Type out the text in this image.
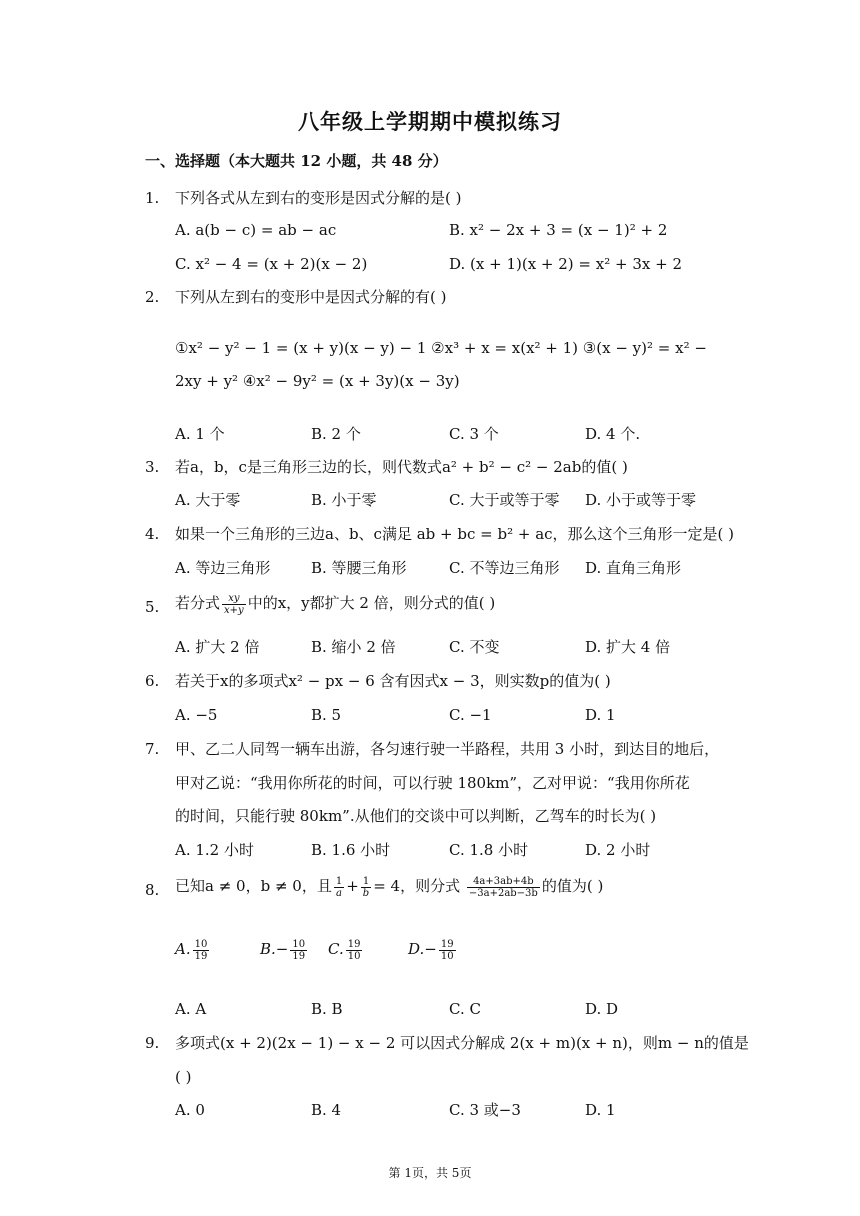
八年级上学期期中模拟练习
一、选择题（本大题共 12 小题，共 48 分）
1. 下列各式从左到右的变形是因式分解的是( )
A. a(b − c) = ab − ac	B. x² − 2x + 3 = (x − 1)² + 2
C. x² − 4 = (x + 2)(x − 2)	D. (x + 1)(x + 2) = x² + 3x + 2
2. 下列从左到右的变形中是因式分解的有( )
①x² − y² − 1 = (x + y)(x − y) − 1 ②x³ + x = x(x² + 1) ③(x − y)² = x² −
2xy + y² ④x² − 9y² = (x + 3y)(x − 3y)
A. 1 个	B. 2 个	C. 3 个	D. 4 个.
3. 若a，b，c是三角形三边的长，则代数式a² + b² − c² − 2ab的值( )
A. 大于零	B. 小于零	C. 大于或等于零 D. 小于或等于零
4. 如果一个三角形的三边a、b、c满足 ab + bc = b² + ac，那么这个三角形一定是( )
A. 等边三角形	B. 等腰三角形	C. 不等边三角形 D. 直角三角形
5. 若分式 $\frac{xy}{x+y}$ 中的x，y都扩大 2 倍，则分式的值( )
A. 扩大 2 倍	B. 缩小 2 倍	C. 不变	D. 扩大 4 倍
6. 若关于x的多项式x² − px − 6 含有因式x − 3，则实数p的值为( )
A. −5	B. 5	C. −1	D. 1
7. 甲、乙二人同驾一辆车出游，各匀速行驶一半路程，共用 3 小时，到达目的地后，
甲对乙说：“我用你所花的时间，可以行驶 180km”，乙对甲说：“我用你所花
的时间，只能行驶 80km”.从他们的交谈中可以判断，乙驾车的时长为( )
A. 1.2 小时	B. 1.6 小时	C. 1.8 小时	D. 2 小时
8. 已知a ≠ 0，b ≠ 0，且 $\frac{1}{a} + \frac{1}{b} = 4$，则分式 $\frac{4a+3ab+4b}{-3a+2ab-3b}$ 的值为( )
A. $\frac{10}{19}$	$B.- \frac{10}{19} C$. $\frac{19}{10}$	$D.- \frac{19}{10}$
A. A	B. B	C. C	D. D
9. 多项式(x + 2)(2x − 1) − x − 2 可以因式分解成 2(x + m)(x + n)，则m − n的值是
( )
A. 0	B. 4	C. 3 或−3	D. 1
第 1页，共 5页
